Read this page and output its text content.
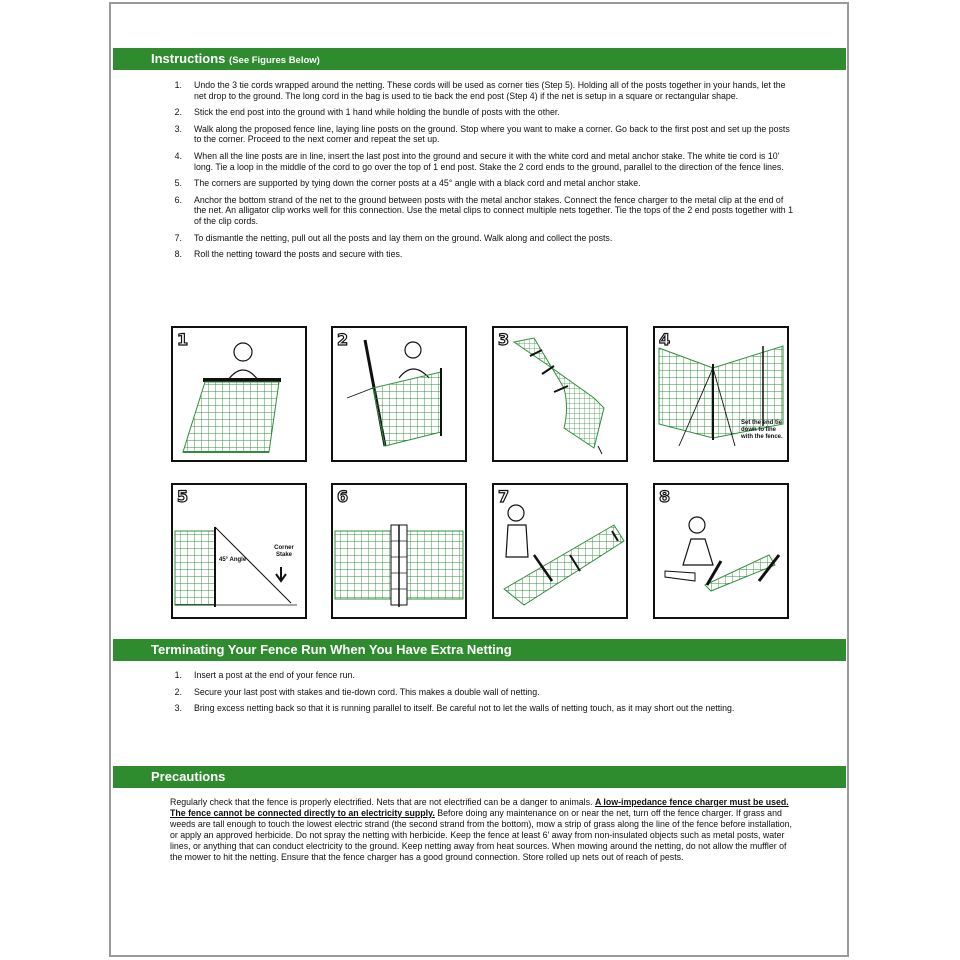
Instructions (See Figures Below)
1. Undo the 3 tie cords wrapped around the netting. These cords will be used as corner ties (Step 5). Holding all of the posts together in your hands, let the net drop to the ground. The long cord in the bag is used to tie back the end post (Step 4) if the net is setup in a square or rectangular shape.
2. Stick the end post into the ground with 1 hand while holding the bundle of posts with the other.
3. Walk along the proposed fence line, laying line posts on the ground. Stop where you want to make a corner. Go back to the first post and set up the posts to the corner. Proceed to the next corner and repeat the set up.
4. When all the line posts are in line, insert the last post into the ground and secure it with the white cord and metal anchor stake. The white tie cord is 10' long. Tie a loop in the middle of the cord to go over the top of 1 end post. Stake the 2 cord ends to the ground, parallel to the direction of the fence lines.
5. The corners are supported by tying down the corner posts at a 45° angle with a black cord and metal anchor stake.
6. Anchor the bottom strand of the net to the ground between posts with the metal anchor stakes. Connect the fence charger to the metal clip at the end of the net. An alligator clip works well for this connection. Use the metal clips to connect multiple nets together. Tie the tops of the 2 end posts together with 1 of the clip cords.
7. To dismantle the netting, pull out all the posts and lay them on the ground. Walk along and collect the posts.
8. Roll the netting toward the posts and secure with ties.
1	2	3	4
Set the end tie down to line with the fence.
5
45° Angle
Corner Stake
6	7	8
Terminating Your Fence Run When You Have Extra Netting
1. Insert a post at the end of your fence run.
2. Secure your last post with stakes and tie-down cord. This makes a double wall of netting.
3. Bring excess netting back so that it is running parallel to itself. Be careful not to let the walls of netting touch, as it may short out the netting.
Precautions
Regularly check that the fence is properly electrified. Nets that are not electrified can be a danger to animals. A low-impedance fence charger must be used. The fence cannot be connected directly to an electricity supply. Before doing any maintenance on or near the net, turn off the fence charger. If grass and weeds are tall enough to touch the lowest electric strand (the second strand from the bottom), mow a strip of grass along the line of the fence before installation, or apply an approved herbicide. Do not spray the netting with herbicide. Keep the fence at least 6' away from non-insulated objects such as metal posts, water lines, or anything that can conduct electricity to the ground. Keep netting away from heat sources. When mowing around the netting, do not allow the muffler of the mower to hit the netting. Ensure that the fence charger has a good ground connection. Store rolled up nets out of reach of pests.
